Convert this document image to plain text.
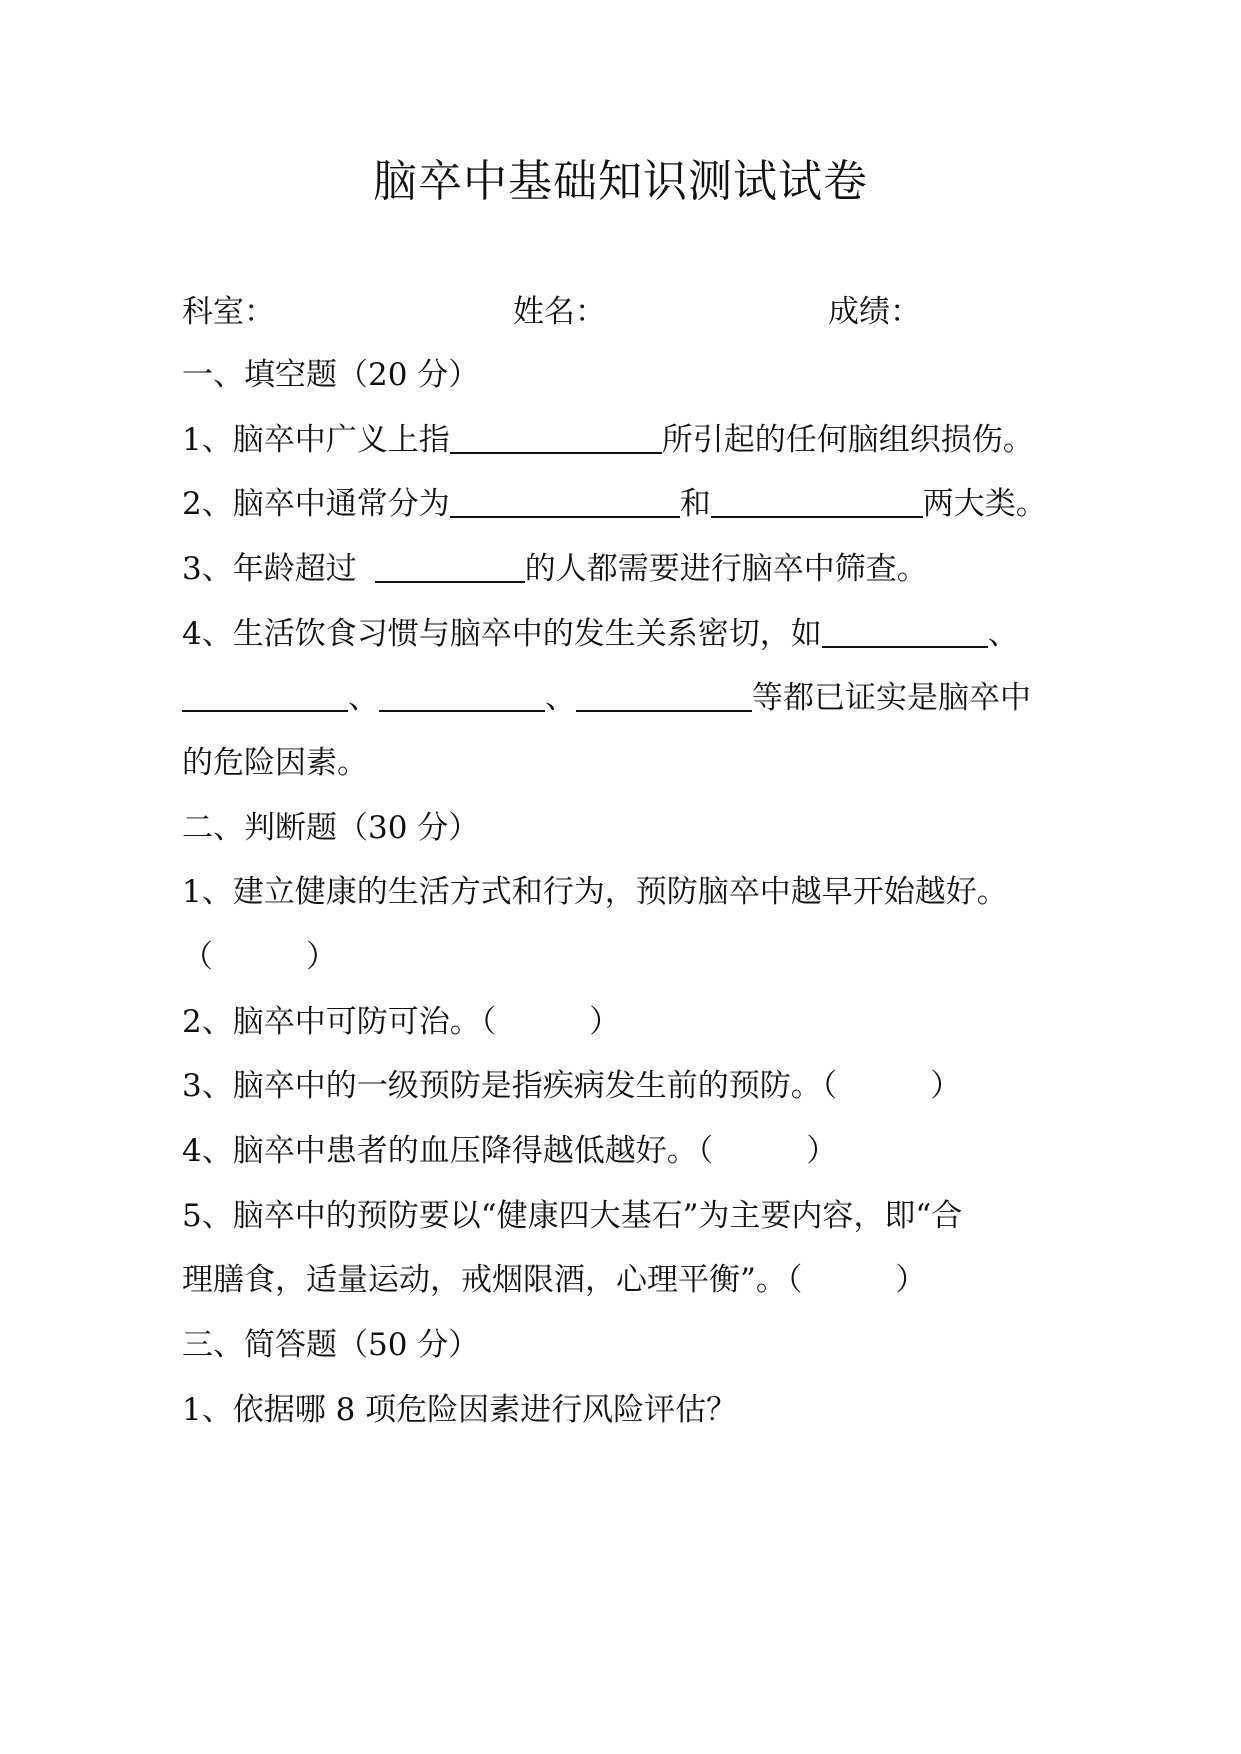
脑卒中基础知识测试试卷
科室：	姓名：	成绩：
一、填空题（20 分）
1、脑卒中广义上指	所引起的任何脑组织损伤。
2、脑卒中通常分为	和	两大类。
3、年龄超过	的人都需要进行脑卒中筛查。
4、生活饮食习惯与脑卒中的发生关系密切，如	、
、	、	等都已证实是脑卒中
的危险因素。
二、判断题（30 分）
1、建立健康的生活方式和行为，预防脑卒中越早开始越好。
（　　　）
2、脑卒中可防可治。（　　　）
3、脑卒中的一级预防是指疾病发生前的预防。（　　　）
4、脑卒中患者的血压降得越低越好。（　　　）
5、脑卒中的预防要以“健康四大基石”为主要内容，即“合
理膳食，适量运动，戒烟限酒，心理平衡”。（　　　）
三、简答题（50 分）
1、依据哪 8 项危险因素进行风险评估？
